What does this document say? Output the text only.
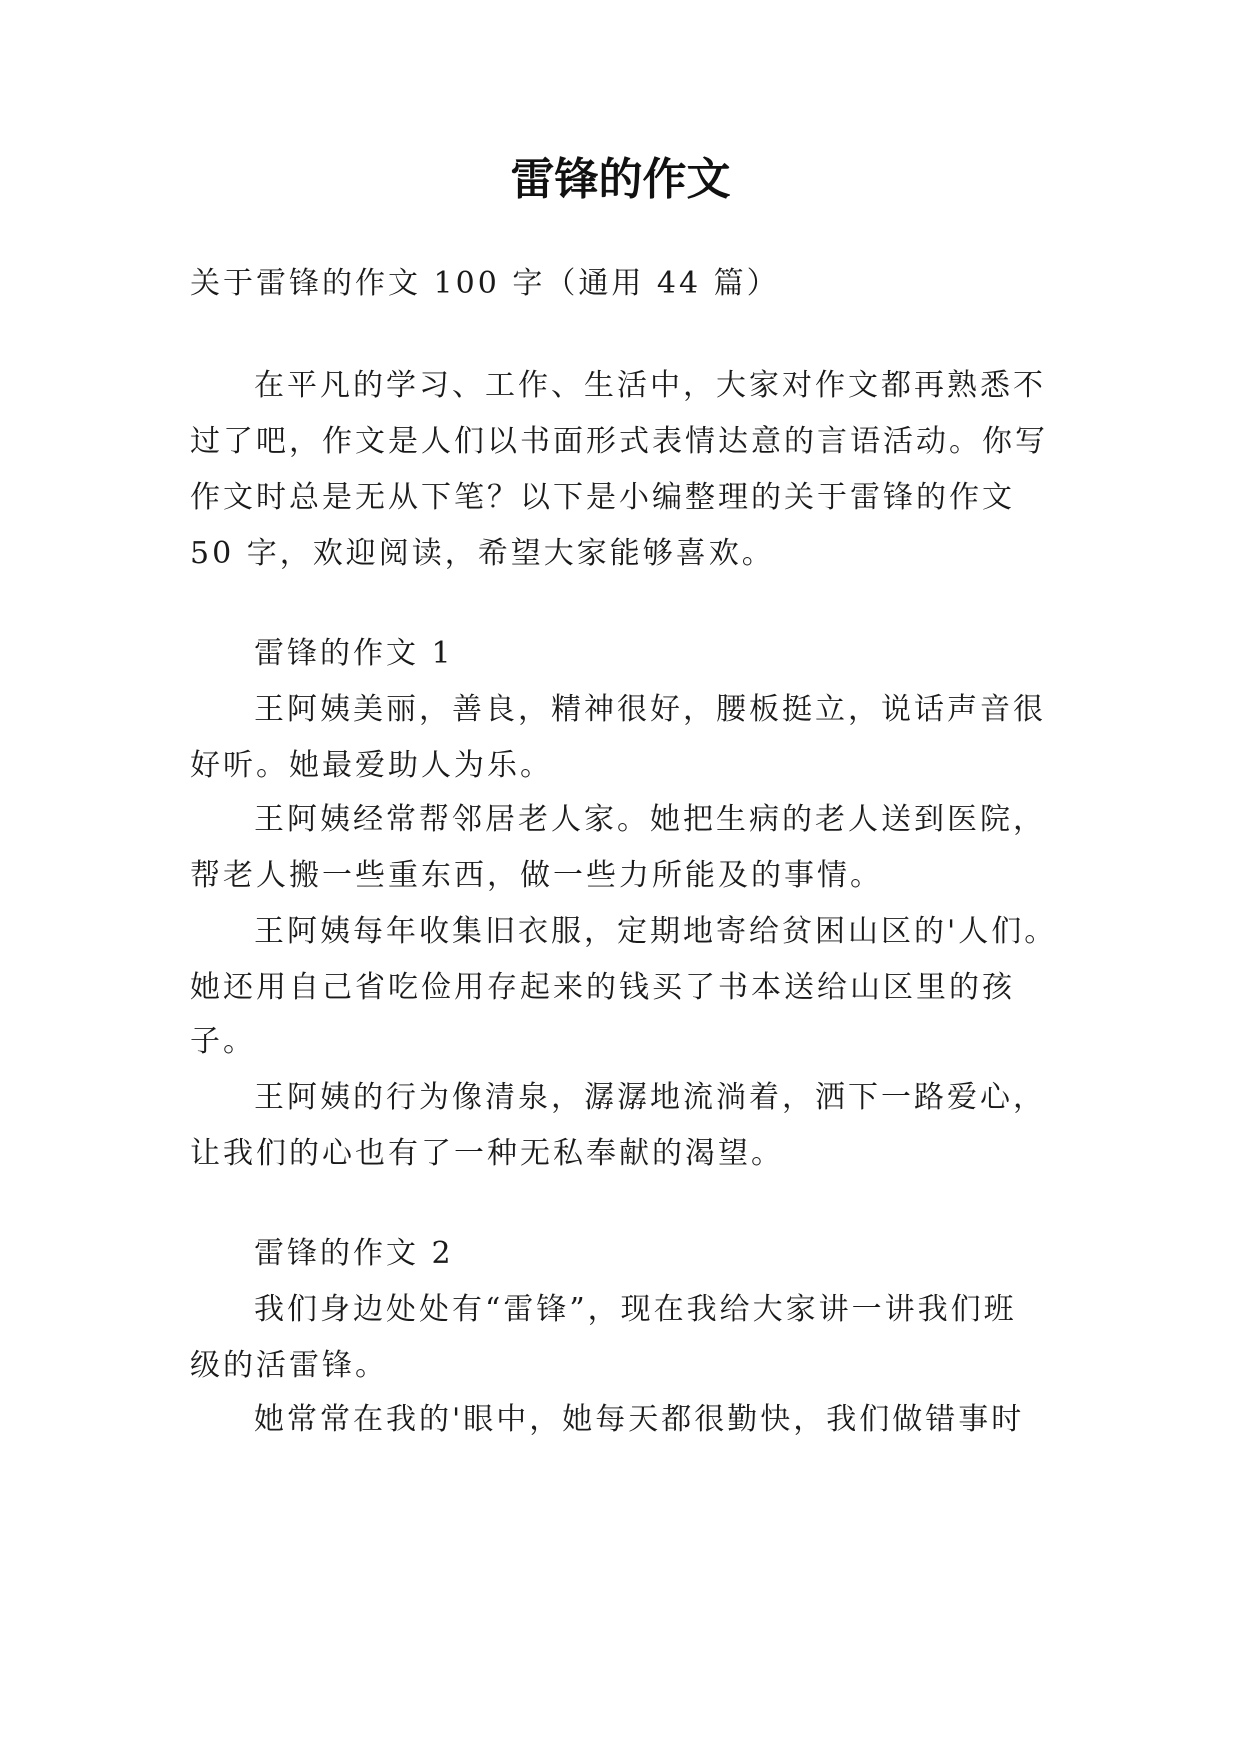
雷锋的作文

关于雷锋的作文 100 字（通用 44 篇）

在平凡的学习、工作、生活中，大家对作文都再熟悉不

过了吧，作文是人们以书面形式表情达意的言语活动。你写

作文时总是无从下笔？以下是小编整理的关于雷锋的作文

50 字，欢迎阅读，希望大家能够喜欢。

雷锋的作文 1

王阿姨美丽，善良，精神很好，腰板挺立，说话声音很

好听。她最爱助人为乐。

王阿姨经常帮邻居老人家。她把生病的老人送到医院，

帮老人搬一些重东西，做一些力所能及的事情。

王阿姨每年收集旧衣服，定期地寄给贫困山区的'人们。

她还用自己省吃俭用存起来的钱买了书本送给山区里的孩

子。

王阿姨的行为像清泉，潺潺地流淌着，洒下一路爱心，

让我们的心也有了一种无私奉献的渴望。

雷锋的作文 2

我们身边处处有“雷锋”，现在我给大家讲一讲我们班

级的活雷锋。

她常常在我的'眼中，她每天都很勤快，我们做错事时
